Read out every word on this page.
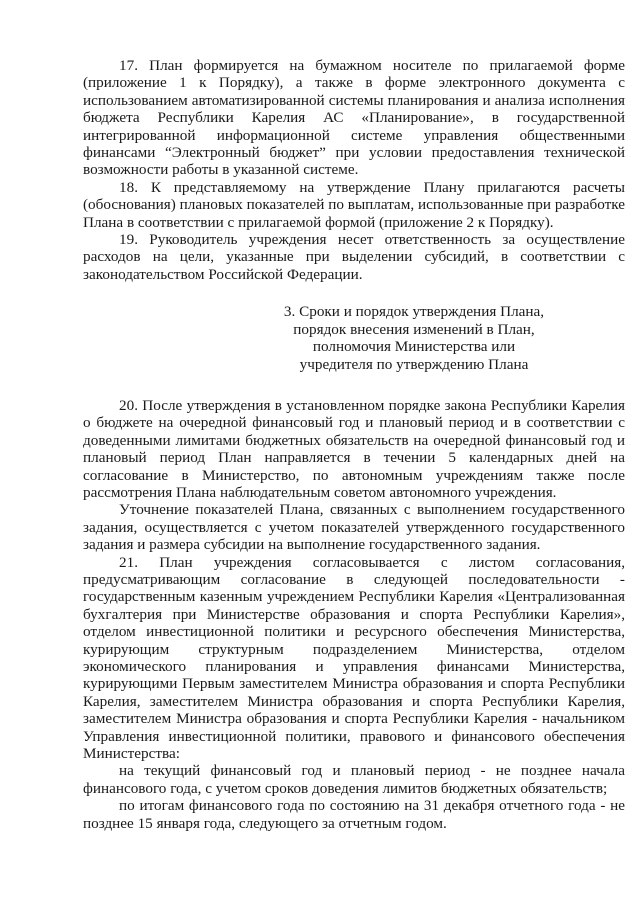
17. План формируется на бумажном носителе по прилагаемой форме (приложение 1 к Порядку), а также в форме электронного документа с использованием автоматизированной системы планирования и анализа исполнения бюджета Республики Карелия АС «Планирование», в государственной интегрированной информационной системе управления общественными финансами “Электронный бюджет” при условии предоставления технической возможности работы в указанной системе.

18. К представляемому на утверждение Плану прилагаются расчеты (обоснования) плановых показателей по выплатам, использованные при разработке Плана в соответствии с прилагаемой формой (приложение 2 к Порядку).

19. Руководитель учреждения несет ответственность за осуществление расходов на цели, указанные при выделении субсидий, в соответствии с законодательством Российской Федерации.

3. Сроки и порядок утверждения Плана,
порядок внесения изменений в План,
полномочия Министерства или
учредителя по утверждению Плана

20. После утверждения в установленном порядке закона Республики Карелия о бюджете на очередной финансовый год и плановый период и в соответствии с доведенными лимитами бюджетных обязательств на очередной финансовый год и плановый период План направляется в течении 5 календарных дней на согласование в Министерство, по автономным учреждениям также после рассмотрения Плана наблюдательным советом автономного учреждения.

Уточнение показателей Плана, связанных с выполнением государственного задания, осуществляется с учетом показателей утвержденного государственного задания и размера субсидии на выполнение государственного задания.

21. План учреждения согласовывается с листом согласования, предусматривающим согласование в следующей последовательности - государственным казенным учреждением Республики Карелия «Централизованная бухгалтерия при Министерстве образования и спорта Республики Карелия», отделом инвестиционной политики и ресурсного обеспечения Министерства, курирующим структурным подразделением Министерства, отделом экономического планирования и управления финансами Министерства, курирующими Первым заместителем Министра образования и спорта Республики Карелия, заместителем Министра образования и спорта Республики Карелия, заместителем Министра образования и спорта Республики Карелия - начальником Управления инвестиционной политики, правового и финансового обеспечения Министерства:

на текущий финансовый год и плановый период - не позднее начала финансового года, с учетом сроков доведения лимитов бюджетных обязательств;

по итогам финансового года по состоянию на 31 декабря отчетного года - не позднее 15 января года, следующего за отчетным годом.
